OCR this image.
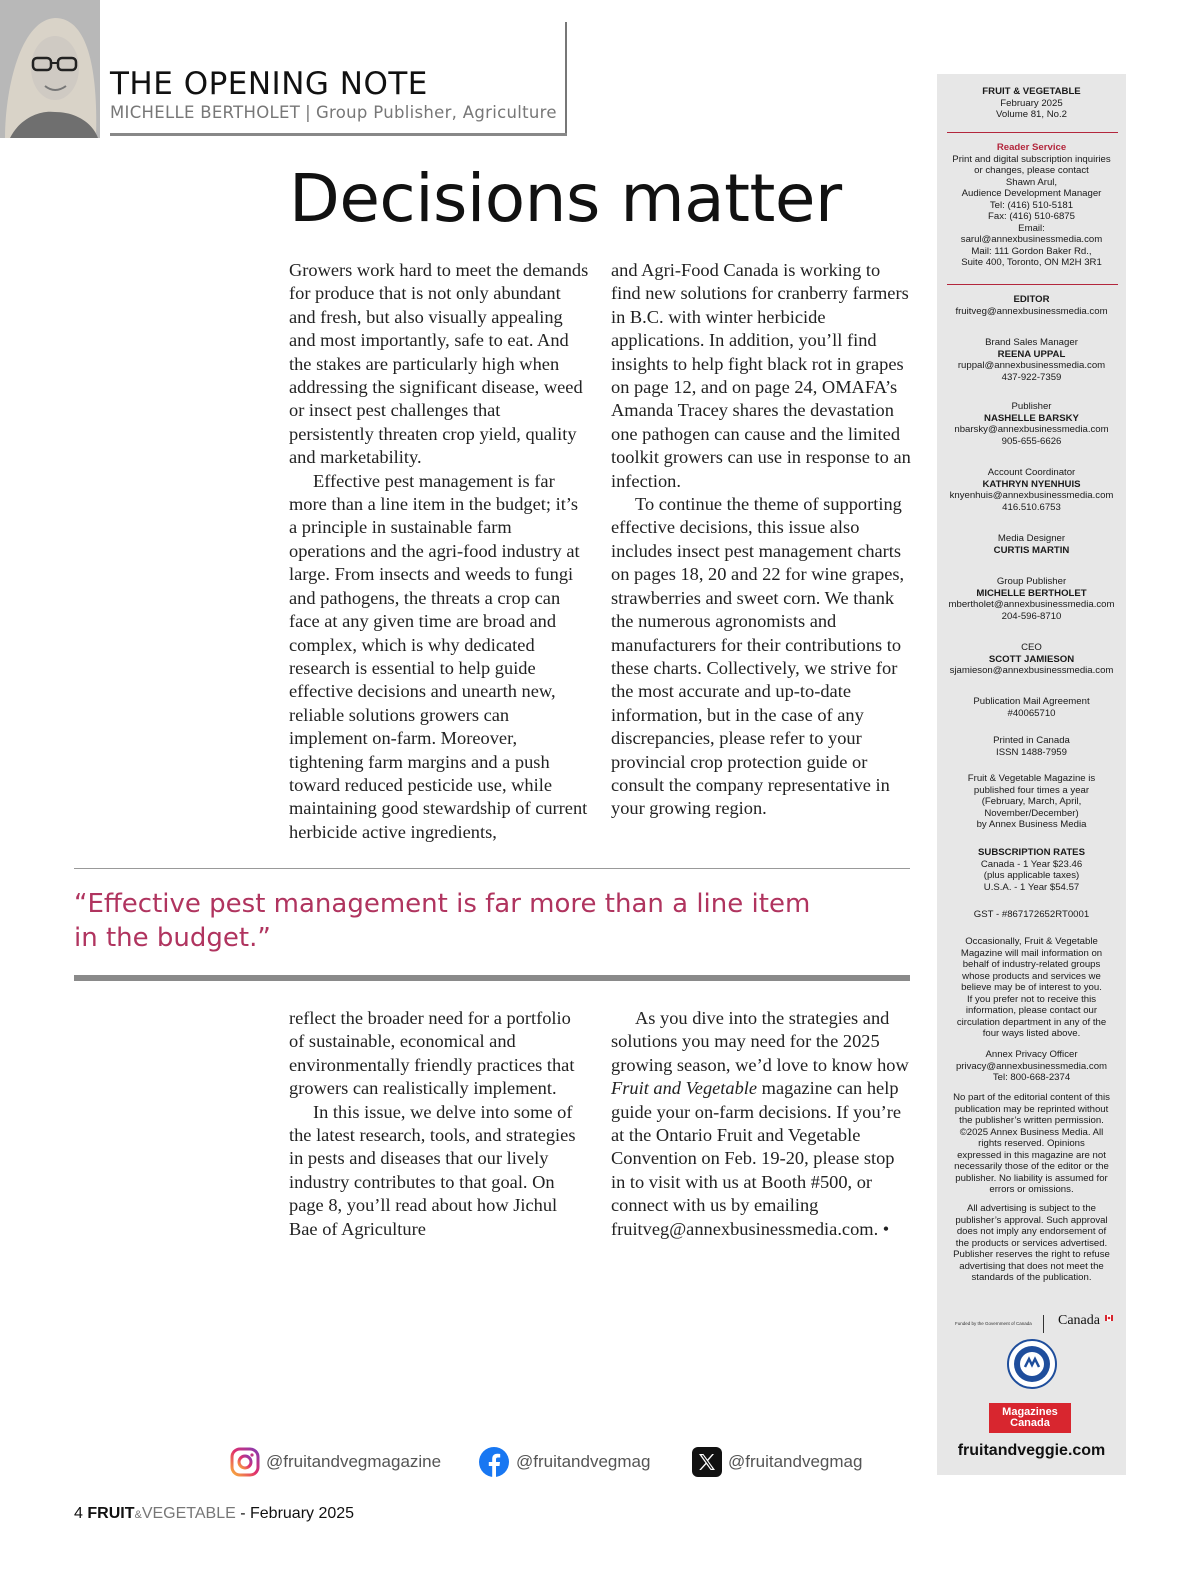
THE OPENING NOTE
MICHELLE BERTHOLET | Group Publisher, Agriculture
Decisions matter

Growers work hard to meet the demands for produce that is not only abundant and fresh, but also visually appealing and most importantly, safe to eat. And the stakes are particularly high when addressing the significant disease, weed or insect pest challenges that persistently threaten crop yield, quality and marketability.

Effective pest management is far more than a line item in the budget; it’s a principle in sustainable farm operations and the agri-food industry at large. From insects and weeds to fungi and pathogens, the threats a crop can face at any given time are broad and complex, which is why dedicated research is essential to help guide effective decisions and unearth new, reliable solutions growers can implement on-farm. Moreover, tightening farm margins and a push toward reduced pesticide use, while maintaining good stewardship of current herbicide active ingredients,

and Agri-Food Canada is working to find new solutions for cranberry farmers in B.C. with winter herbicide applications. In addition, you’ll find insights to help fight black rot in grapes on page 12, and on page 24, OMAFA’s Amanda Tracey shares the devastation one pathogen can cause and the limited toolkit growers can use in response to an infection.

To continue the theme of supporting effective decisions, this issue also includes insect pest management charts on pages 18, 20 and 22 for wine grapes, strawberries and sweet corn. We thank the numerous agronomists and manufacturers for their contributions to these charts. Collectively, we strive for the most accurate and up-to-date information, but in the case of any discrepancies, please refer to your provincial crop protection guide or consult the company representative in your growing region.

“Effective pest management is far more than a line item in the budget.”

reflect the broader need for a portfolio of sustainable, economical and environmentally friendly practices that growers can realistically implement.

In this issue, we delve into some of the latest research, tools, and strategies in pests and diseases that our lively industry contributes to that goal. On page 8, you’ll read about how Jichul Bae of Agriculture

As you dive into the strategies and solutions you may need for the 2025 growing season, we’d love to know how Fruit and Vegetable magazine can help guide your on-farm decisions. If you’re at the Ontario Fruit and Vegetable Convention on Feb. 19-20, please stop in to visit with us at Booth #500, or connect with us by emailing fruitveg@annexbusinessmedia.com. •

FRUIT & VEGETABLE
February 2025
Volume 81, No.2
Reader Service
Print and digital subscription inquiries
or changes, please contact
Shawn Arul,
Audience Development Manager
Tel: (416) 510-5181
Fax: (416) 510-6875
Email:
sarul@annexbusinessmedia.com
Mail: 111 Gordon Baker Rd.,
Suite 400, Toronto, ON M2H 3R1
EDITOR
fruitveg@annexbusinessmedia.com
Brand Sales Manager
REENA UPPAL
ruppal@annexbusinessmedia.com
437-922-7359
Publisher
NASHELLE BARSKY
nbarsky@annexbusinessmedia.com
905-655-6626
Account Coordinator
KATHRYN NYENHUIS
knyenhuis@annexbusinessmedia.com
416.510.6753
Media Designer
CURTIS MARTIN
Group Publisher
MICHELLE BERTHOLET
mbertholet@annexbusinessmedia.com
204-596-8710
CEO
SCOTT JAMIESON
sjamieson@annexbusinessmedia.com
Publication Mail Agreement
#40065710
Printed in Canada
ISSN 1488-7959
Fruit & Vegetable Magazine is
published four times a year
(February, March, April,
November/December)
by Annex Business Media
SUBSCRIPTION RATES
Canada - 1 Year $23.46
(plus applicable taxes)
U.S.A. - 1 Year $54.57
GST - #867172652RT0001
Occasionally, Fruit & Vegetable
Magazine will mail information on
behalf of industry-related groups
whose products and services we
believe may be of interest to you.
If you prefer not to receive this
information, please contact our
circulation department in any of the
four ways listed above.
Annex Privacy Officer
privacy@annexbusinessmedia.com
Tel: 800-668-2374
No part of the editorial content of this
publication may be reprinted without
the publisher’s written permission.
©2025 Annex Business Media. All
rights reserved. Opinions
expressed in this magazine are not
necessarily those of the editor or the
publisher. No liability is assumed for
errors or omissions.
All advertising is subject to the
publisher’s approval. Such approval
does not imply any endorsement of
the products or services advertised.
Publisher reserves the right to refuse
advertising that does not meet the
standards of the publication.
Funded by the Government of Canada Canada
Magazines
Canada
fruitandveggie.com
@fruitandvegmagazine	@fruitandvegmag	@fruitandvegmag
4 FRUIT&VEGETABLE - February 2025
